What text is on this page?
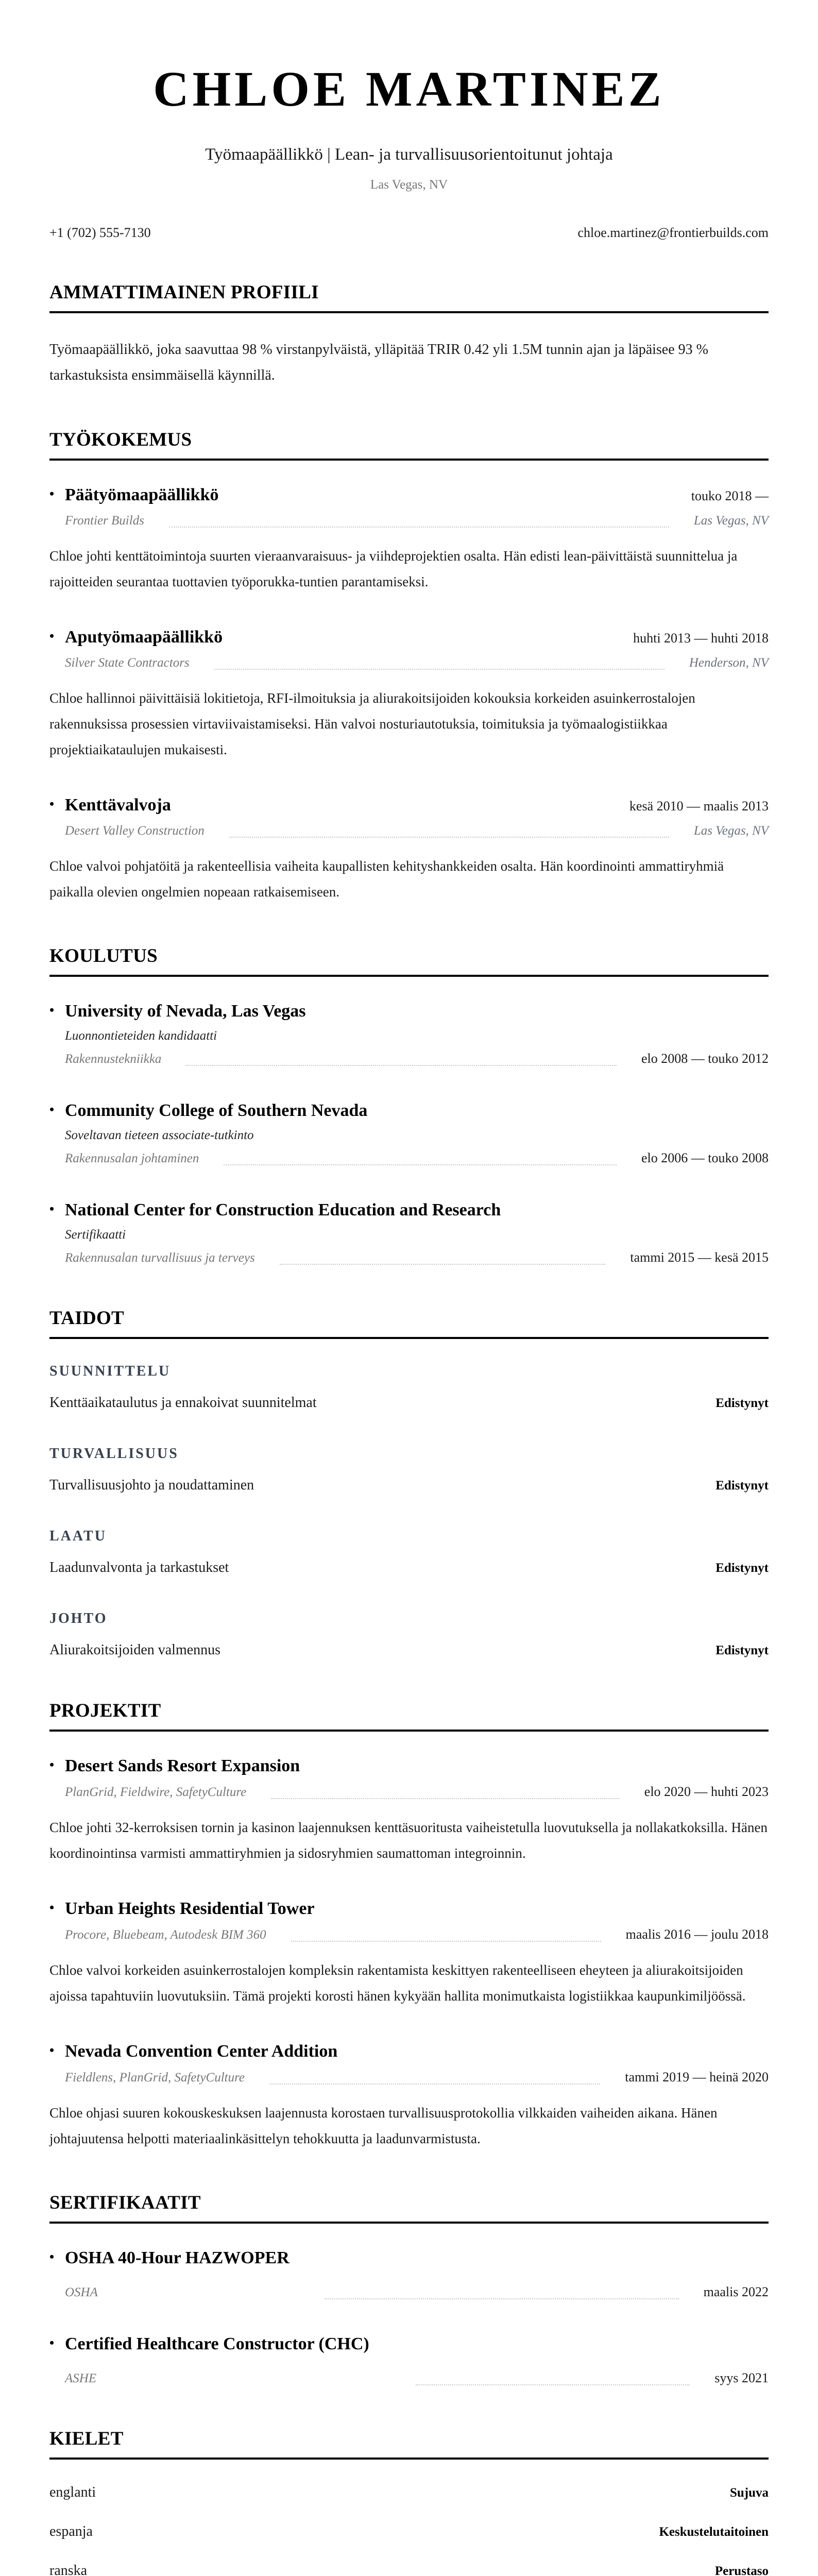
CHLOE MARTINEZ
Työmaapäällikkö | Lean- ja turvallisuusorientoitunut johtaja
Las Vegas, NV
+1 (702) 555-7130	chloe.martinez@frontierbuilds.com
AMMATTIMAINEN PROFIILI

Työmaapäällikkö, joka saavuttaa 98 % virstanpylväistä, ylläpitää TRIR 0.42 yli 1.5M tunnin ajan ja läpäisee 93 % tarkastuksista ensimmäisellä käynnillä.

TYÖKOKEMUS
• Päätyömaapäällikkö	touko 2018 —
Frontier Builds	Las Vegas, NV

Chloe johti kenttätoimintoja suurten vieraanvaraisuus- ja viihdeprojektien osalta. Hän edisti lean-päivittäistä suunnittelua ja rajoitteiden seurantaa tuottavien työporukka-tuntien parantamiseksi.

• Aputyömaapäällikkö	huhti 2013 — huhti 2018
Silver State Contractors	Henderson, NV

Chloe hallinnoi päivittäisiä lokitietoja, RFI-ilmoituksia ja aliurakoitsijoiden kokouksia korkeiden asuinkerrostalojen rakennuksissa prosessien virtaviivaistamiseksi. Hän valvoi nosturiautotuksia, toimituksia ja työmaalogistiikkaa projektiaikataulujen mukaisesti.

• Kenttävalvoja	kesä 2010 — maalis 2013
Desert Valley Construction	Las Vegas, NV

Chloe valvoi pohjatöitä ja rakenteellisia vaiheita kaupallisten kehityshankkeiden osalta. Hän koordinointi ammattiryhmiä paikalla olevien ongelmien nopeaan ratkaisemiseen.

KOULUTUS
• University of Nevada, Las Vegas
Luonnontieteiden kandidaatti
Rakennustekniikka	elo 2008 — touko 2012
• Community College of Southern Nevada
Soveltavan tieteen associate-tutkinto
Rakennusalan johtaminen	elo 2006 — touko 2008
• National Center for Construction Education and Research
Sertifikaatti
Rakennusalan turvallisuus ja terveys	tammi 2015 — kesä 2015
TAIDOT
SUUNNITTELU
Kenttäaikataulutus ja ennakoivat suunnitelmat	Edistynyt
TURVALLISUUS
Turvallisuusjohto ja noudattaminen	Edistynyt
LAATU
Laadunvalvonta ja tarkastukset	Edistynyt
JOHTO
Aliurakoitsijoiden valmennus	Edistynyt
PROJEKTIT
• Desert Sands Resort Expansion
PlanGrid, Fieldwire, SafetyCulture	elo 2020 — huhti 2023

Chloe johti 32-kerroksisen tornin ja kasinon laajennuksen kenttäsuoritusta vaiheistetulla luovutuksella ja nollakatkoksilla. Hänen koordinointinsa varmisti ammattiryhmien ja sidosryhmien saumattoman integroinnin.

• Urban Heights Residential Tower
Procore, Bluebeam, Autodesk BIM 360	maalis 2016 — joulu 2018

Chloe valvoi korkeiden asuinkerrostalojen kompleksin rakentamista keskittyen rakenteelliseen eheyteen ja aliurakoitsijoiden ajoissa tapahtuviin luovutuksiin. Tämä projekti korosti hänen kykyään hallita monimutkaista logistiikkaa kaupunkimiljöössä.

• Nevada Convention Center Addition
Fieldlens, PlanGrid, SafetyCulture	tammi 2019 — heinä 2020

Chloe ohjasi suuren kokouskeskuksen laajennusta korostaen turvallisuusprotokollia vilkkaiden vaiheiden aikana. Hänen johtajuutensa helpotti materiaalinkäsittelyn tehokkuutta ja laadunvarmistusta.

SERTIFIKAATIT
• OSHA 40-Hour HAZWOPER
OSHA	maalis 2022
• Certified Healthcare Constructor (CHC)
ASHE	syys 2021
KIELET
englanti	Sujuva
espanja	Keskustelutaitoinen
ranska	Perustaso
